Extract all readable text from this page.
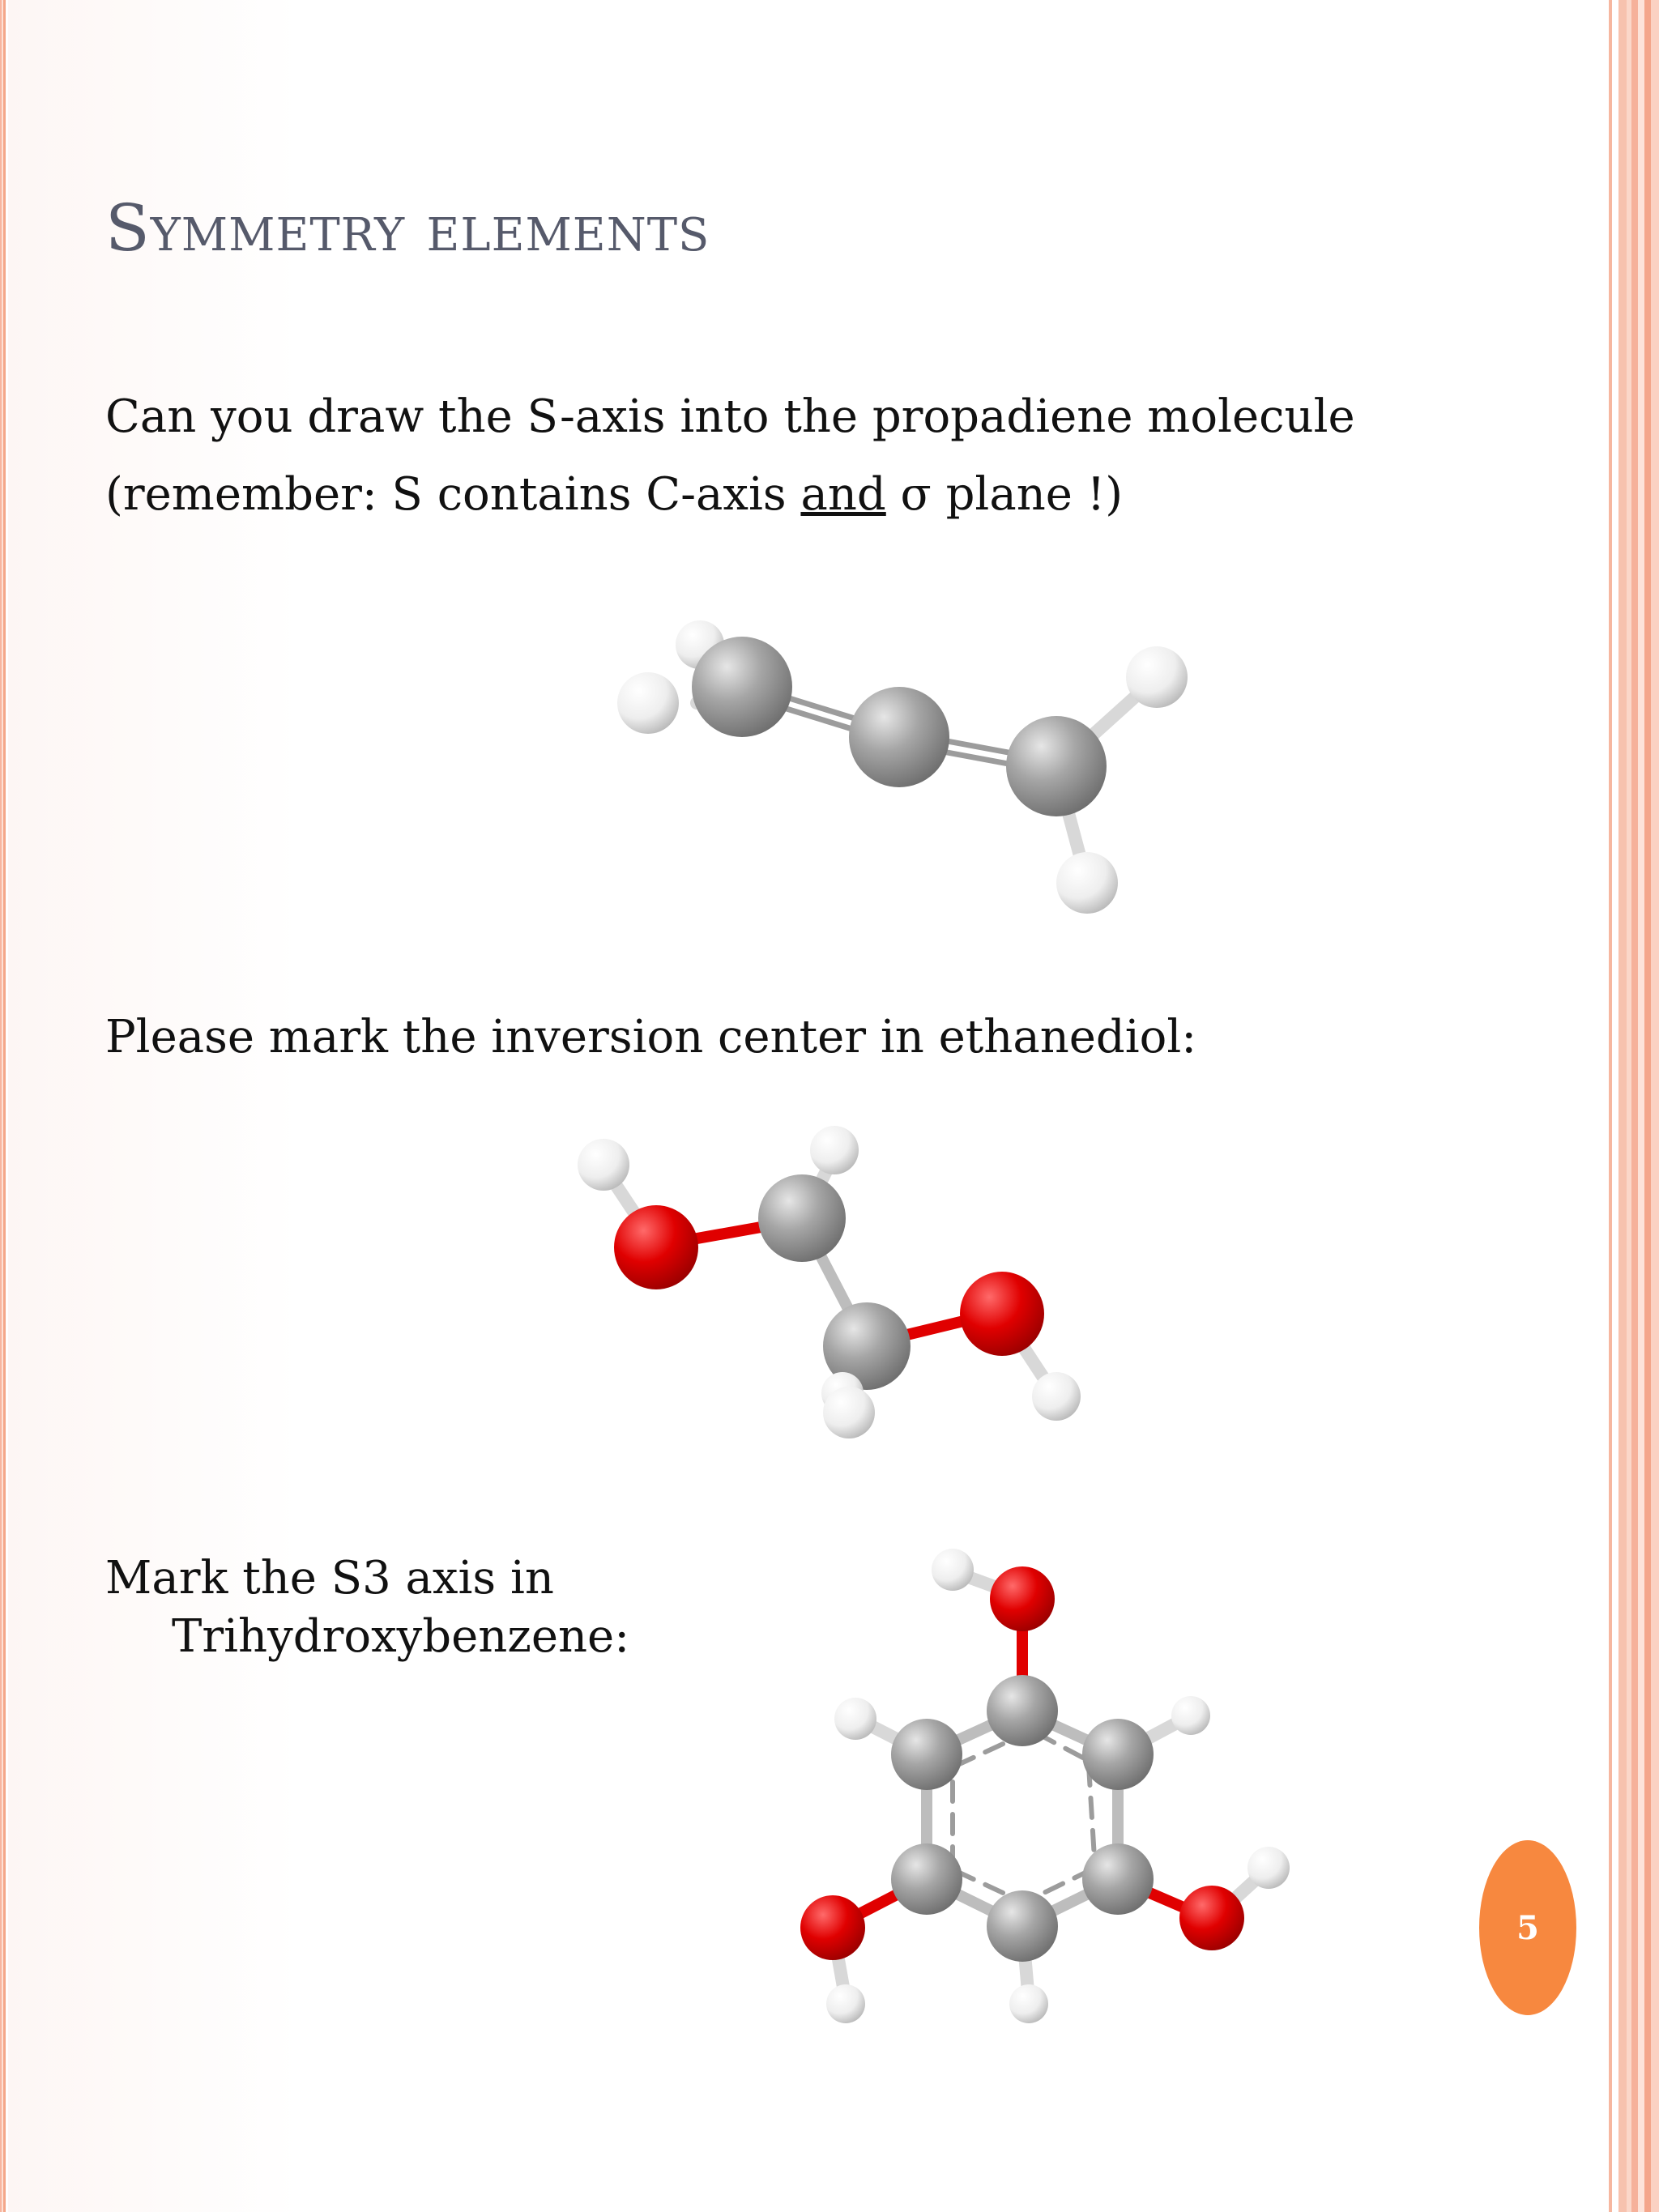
Symmetry elements
Can you draw the S-axis into the propadiene molecule
(remember: S contains C-axis and σ plane !)
Please mark the inversion center in ethanediol:
Mark the S3 axis in
Trihydroxybenzene:
5
